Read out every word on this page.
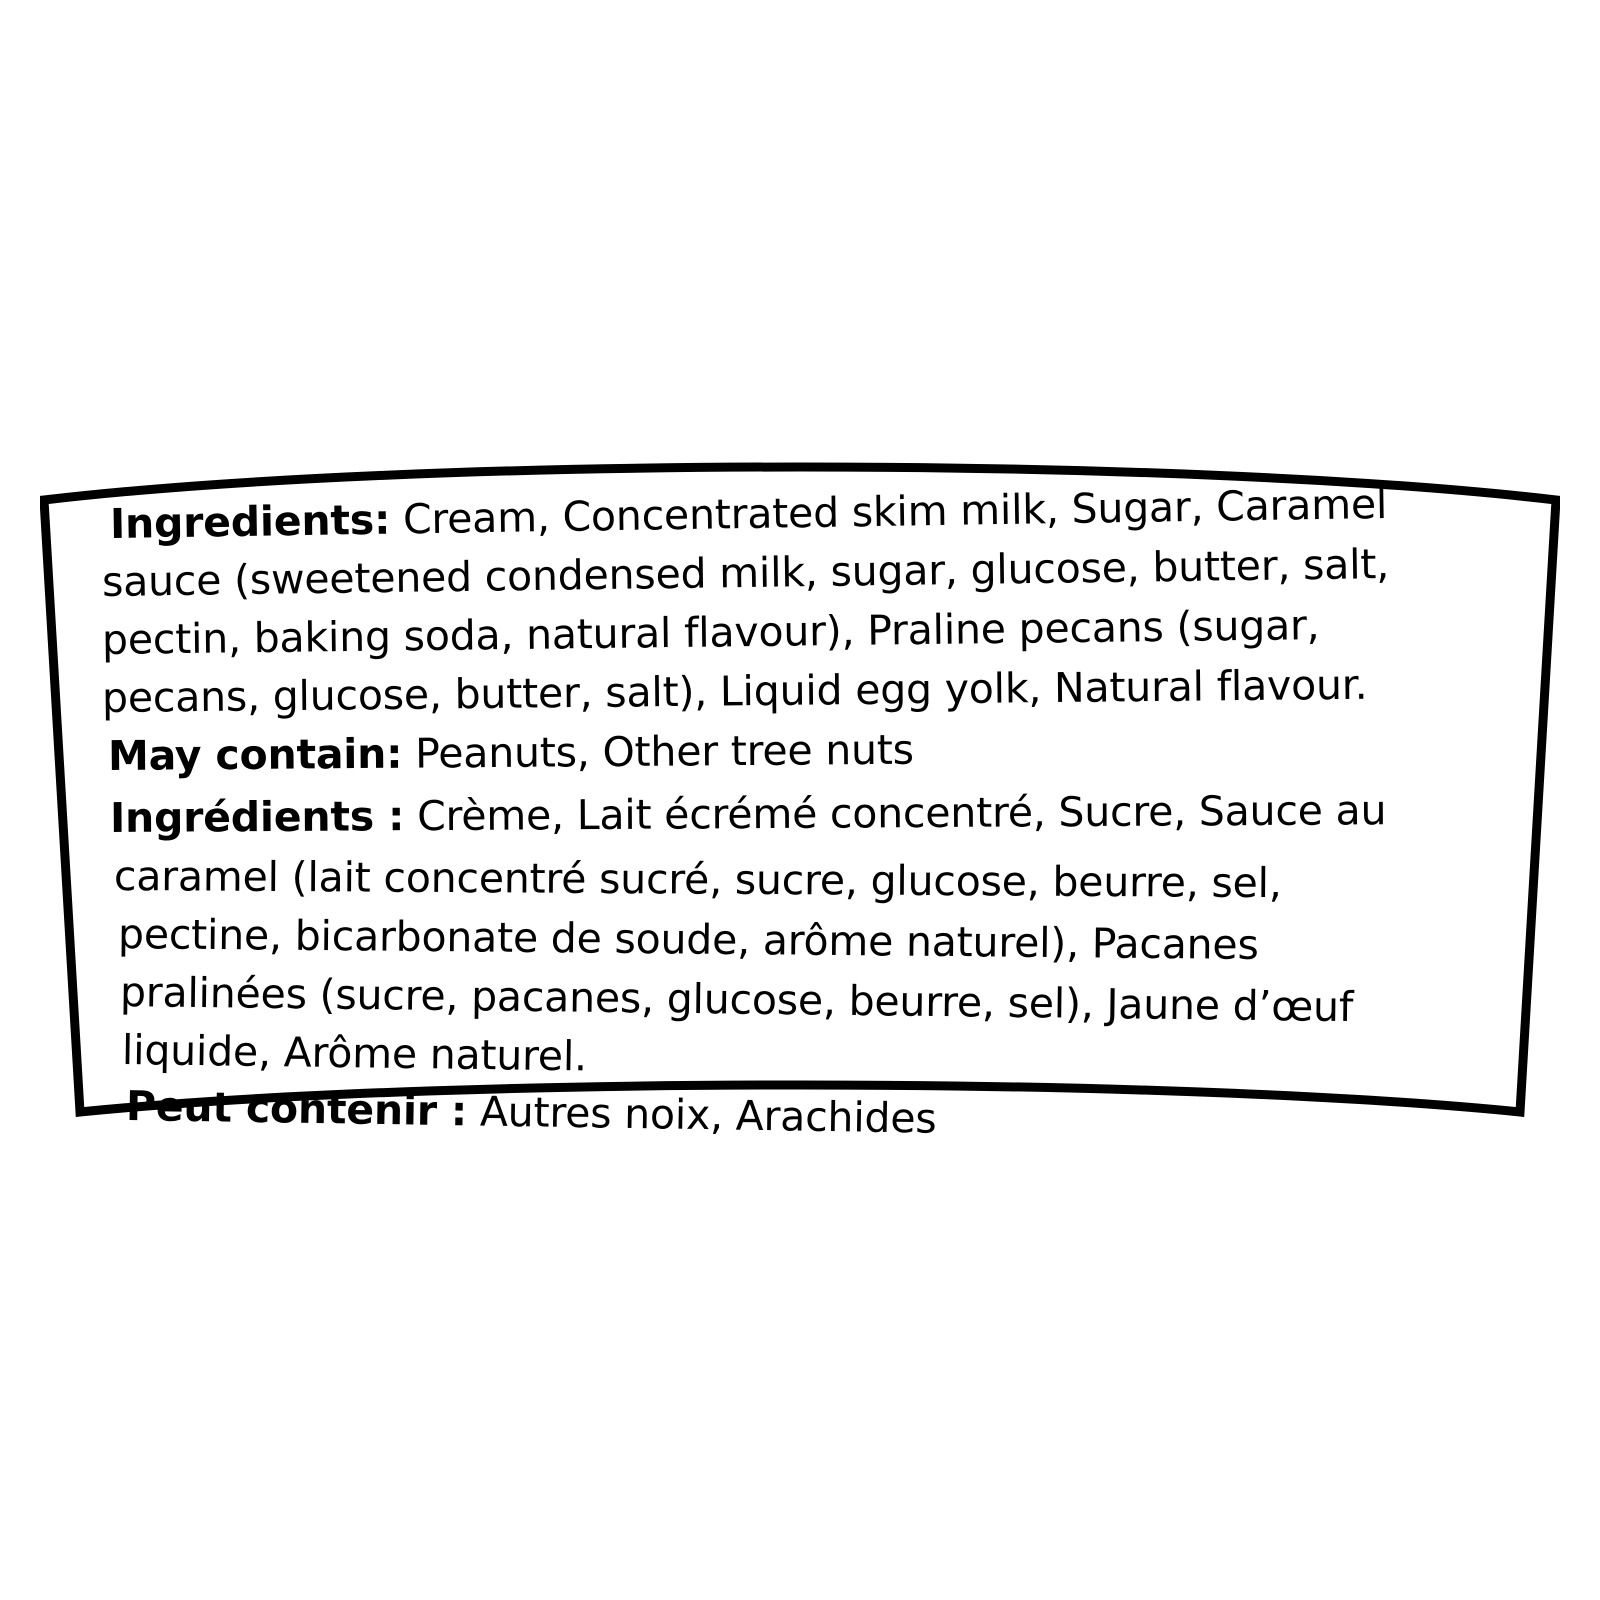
Ingredients: Cream, Concentrated skim milk, Sugar, Caramel
sauce (sweetened condensed milk, sugar, glucose, butter, salt,
pectin, baking soda, natural flavour), Praline pecans (sugar,
pecans, glucose, butter, salt), Liquid egg yolk, Natural flavour.
May contain: Peanuts, Other tree nuts
Ingrédients : Crème, Lait écrémé concentré, Sucre, Sauce au
caramel (lait concentré sucré, sucre, glucose, beurre, sel,
pectine, bicarbonate de soude, arôme naturel), Pacanes
pralinées (sucre, pacanes, glucose, beurre, sel), Jaune d’œuf
liquide, Arôme naturel.
Peut contenir : Autres noix, Arachides
